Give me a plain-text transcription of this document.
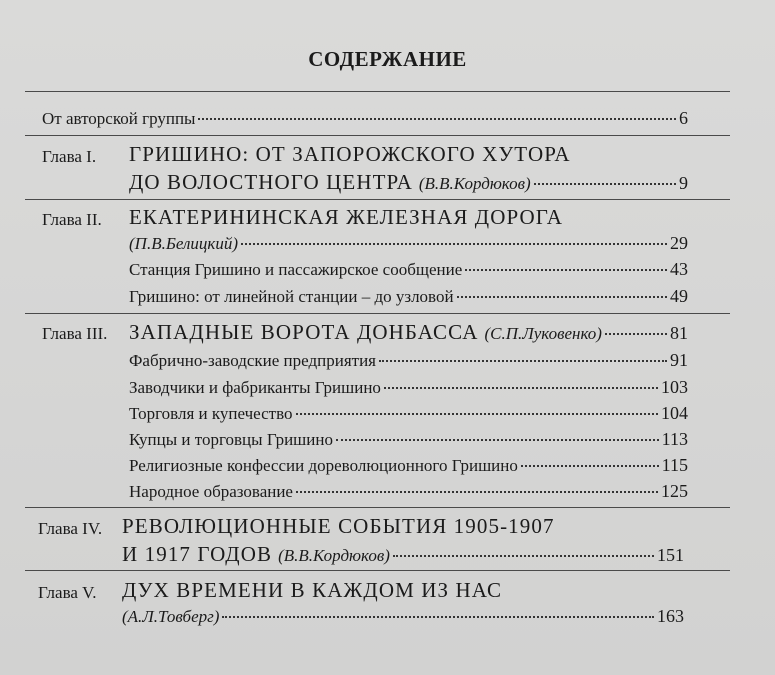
СОДЕРЖАНИЕ
От авторской группы	6
Глава I. ГРИШИНО: ОТ ЗАПОРОЖСКОГО ХУТОРА
ДО ВОЛОСТНОГО ЦЕНТРА (В.В.Кордюков)	9
Глава II. ЕКАТЕРИНИНСКАЯ ЖЕЛЕЗНАЯ ДОРОГА
(П.В.Белицкий)	29
Станция Гришино и пассажирское сообщение	43
Гришино: от линейной станции – до узловой	49
Глава III.	ЗАПАДНЫЕ ВОРОТА ДОНБАССА (С.П.Луковенко)	81
Фабрично-заводские предприятия	91
Заводчики и фабриканты Гришино	103
Торговля и купечество	104
Купцы и торговцы Гришино	113
Религиозные конфессии дореволюционного Гришино	115
Народное образование	125
Глава IV. РЕВОЛЮЦИОННЫЕ СОБЫТИЯ 1905-1907
И 1917 ГОДОВ (В.В.Кордюков)	151
Глава V. ДУХ ВРЕМЕНИ В КАЖДОМ ИЗ НАС
(А.Л.Товберг)	163
